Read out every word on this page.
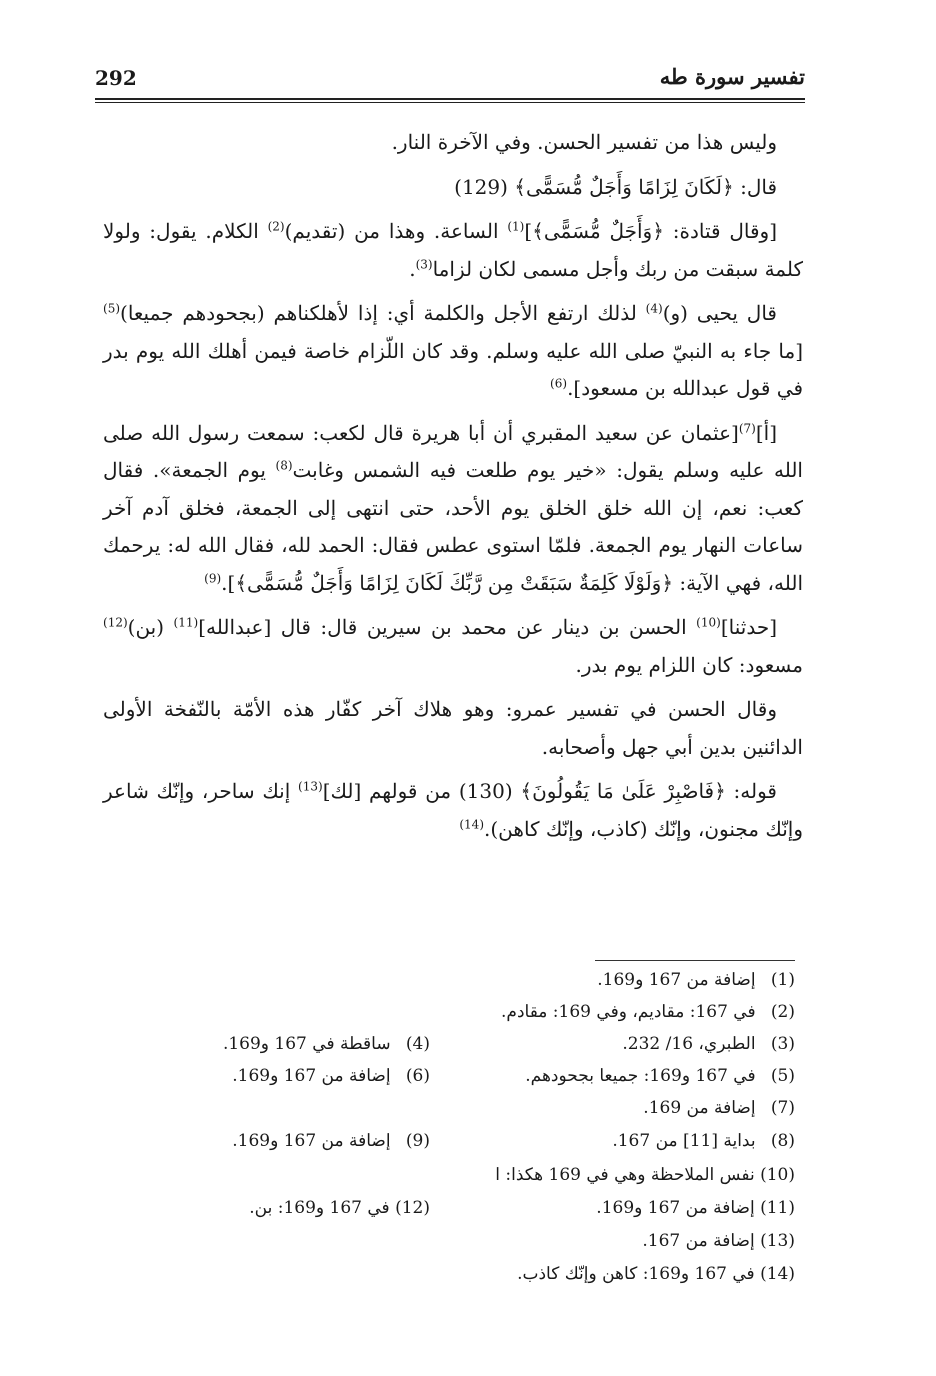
292	تفسير سورة طه

وليس هذا من تفسير الحسن. وفي الآخرة النار.

قال: ﴿لَكَانَ لِزَامًا وَأَجَلٌ مُّسَمًّى﴾ (129)

[وقال قتادة: ﴿وَأَجَلٌ مُّسَمًّى﴾]$^{(1)}$ الساعة. وهذا من (تقديم)$^{(2)}$ الكلام. يقول: ولولا كلمة سبقت من ربك وأجل مسمى لكان لزاما$^{(3)}$.

قال يحيى (و)$^{(4)}$ لذلك ارتفع الأجل والكلمة أي: إذا لأهلكناهم (بجحودهم جميعا)$^{(5)}$ [ما جاء به النبيّ صلى الله عليه وسلم. وقد كان اللّزام خاصة فيمن أهلك الله يوم بدر في قول عبدالله بن مسعود].$^{(6)}$

[أ]$^{(7)}$[عثمان عن سعيد المقبري أن أبا هريرة قال لكعب: سمعت رسول الله صلى الله عليه وسلم يقول: «خير يوم طلعت فيه الشمس وغابت$^{(8)}$ يوم الجمعة». فقال كعب: نعم، إن الله خلق الخلق يوم الأحد، حتى انتهى إلى الجمعة، فخلق آدم آخر ساعات النهار يوم الجمعة. فلمّا استوى عطس فقال: الحمد لله، فقال الله له: يرحمك الله، فهي الآية: ﴿وَلَوْلَا كَلِمَةٌ سَبَقَتْ مِن رَّبِّكَ لَكَانَ لِزَامًا وَأَجَلٌ مُّسَمًّى﴾].$^{(9)}$

[حدثنا]$^{(10)}$ الحسن بن دينار عن محمد بن سيرين قال: قال [عبدالله]$^{(11)}$ (بن)$^{(12)}$ مسعود: كان اللزام يوم بدر.

وقال الحسن في تفسير عمرو: وهو هلاك آخر كفّار هذه الأمّة بالنّفخة الأولى الدائنين بدين أبي جهل وأصحابه.

قوله: ﴿فَاصْبِرْ عَلَىٰ مَا يَقُولُونَ﴾ (130) من قولهم [لك]$^{(13)}$ إنك ساحر، وإنّك شاعر وإنّك مجنون، وإنّك (كاذب، وإنّك كاهن).$^{(14)}$

(1) إضافة من 167 و169.
(2) في 167: مقاديم، وفي 169: مقادم.
(3) الطبري، 16/ 232.
(5) في 167 و169: جميعا بجحودهم.
(7) إضافة من 169.
(8) بداية [11] من 167.
(10) نفس الملاحظة وهي في 169 هكذا: ا
(11) إضافة من 167 و169.
(13) إضافة من 167.
(14) في 167 و169: كاهن وإنّك كاذب.
(4) ساقطة في 167 و169.
(6) إضافة من 167 و169.
(9) إضافة من 167 و169.
(12) في 167 و169: بن.
